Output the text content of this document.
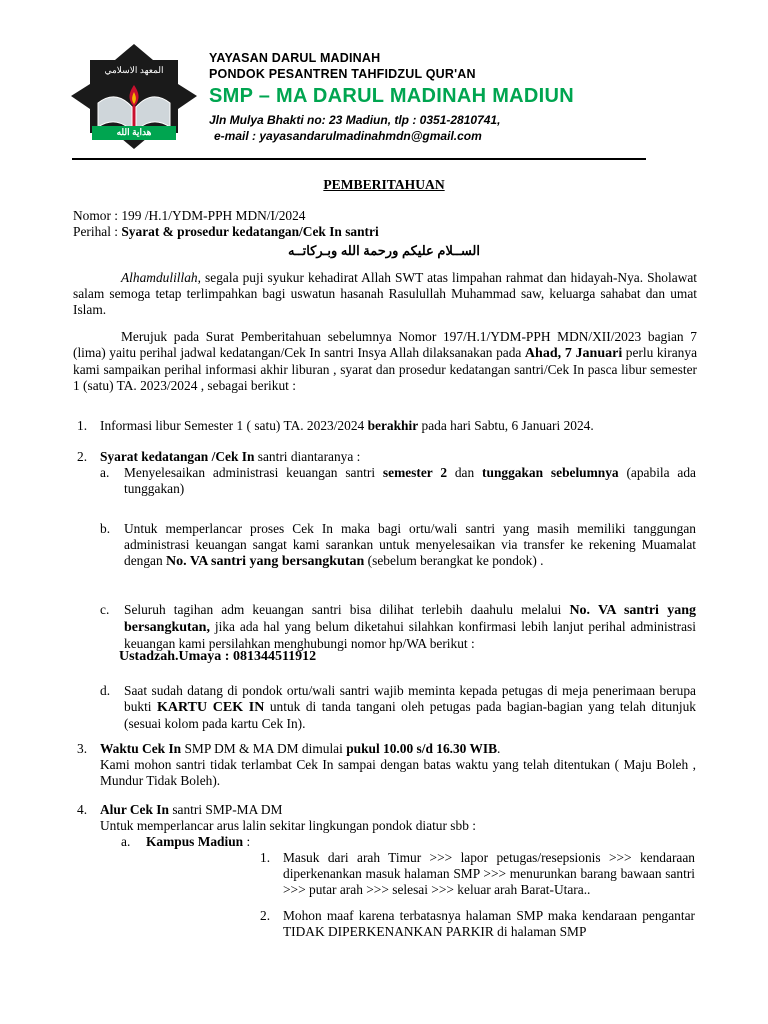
المعهد الاسلامي
هداية الله
YAYASAN DARUL MADINAH
PONDOK PESANTREN TAHFIDZUL QUR'AN
SMP – MA DARUL MADINAH MADIUN
Jln Mulya Bhakti no: 23 Madiun, tlp : 0351-2810741,
e-mail : yayasandarulmadinahmdn@gmail.com
PEMBERITAHUAN
Nomor : 199 /H.1/YDM-PPH MDN/I/2024
Perihal : Syarat & prosedur kedatangan/Cek In santri
الســلام عليكم ورحمة الله وبـركاتــه
Alhamdulillah, segala puji syukur kehadirat Allah SWT atas limpahan rahmat dan hidayah-Nya. Sholawat salam semoga tetap terlimpahkan bagi uswatun hasanah Rasulullah Muhammad saw, keluarga sahabat dan umat Islam.
Merujuk pada Surat Pemberitahuan sebelumnya Nomor 197/H.1/YDM-PPH MDN/XII/2023 bagian 7 (lima) yaitu perihal jadwal kedatangan/Cek In santri Insya Allah dilaksanakan pada Ahad, 7 Januari perlu kiranya kami sampaikan perihal informasi akhir liburan , syarat dan prosedur kedatangan santri/Cek In pasca libur semester 1 (satu) TA. 2023/2024 , sebagai berikut :
1. Informasi libur Semester 1 ( satu) TA. 2023/2024 berakhir pada hari Sabtu, 6 Januari 2024.
2. Syarat kedatangan /Cek In santri diantaranya :
a. Menyelesaikan administrasi keuangan santri semester 2 dan tunggakan sebelumnya (apabila ada tunggakan)
b. Untuk memperlancar proses Cek In maka bagi ortu/wali santri yang masih memiliki tanggungan administrasi keuangan sangat kami sarankan untuk menyelesaikan via transfer ke rekening Muamalat dengan No. VA santri yang bersangkutan (sebelum berangkat ke pondok) .
c. Seluruh tagihan adm keuangan santri bisa dilihat terlebih daahulu melalui No. VA santri yang bersangkutan, jika ada hal yang belum diketahui silahkan konfirmasi lebih lanjut perihal administrasi keuangan kami persilahkan menghubungi nomor hp/WA berikut :
Ustadzah.Umaya : 081344511912
d. Saat sudah datang di pondok ortu/wali santri wajib meminta kepada petugas di meja penerimaan berupa bukti KARTU CEK IN untuk di tanda tangani oleh petugas pada bagian-bagian yang telah ditunjuk (sesuai kolom pada kartu Cek In).
3. Waktu Cek In SMP DM & MA DM dimulai pukul 10.00 s/d 16.30 WIB.
Kami mohon santri tidak terlambat Cek In sampai dengan batas waktu yang telah ditentukan ( Maju Boleh , Mundur Tidak Boleh).
4. Alur Cek In santri SMP-MA DM
Untuk memperlancar arus lalin sekitar lingkungan pondok diatur sbb :
a. Kampus Madiun :
1. Masuk dari arah Timur >>> lapor petugas/resepsionis >>> kendaraan diperkenankan masuk halaman SMP >>> menurunkan barang bawaan santri >>> putar arah >>> selesai >>> keluar arah Barat-Utara..
2. Mohon maaf karena terbatasnya halaman SMP maka kendaraan pengantar TIDAK DIPERKENANKAN PARKIR di halaman SMP
